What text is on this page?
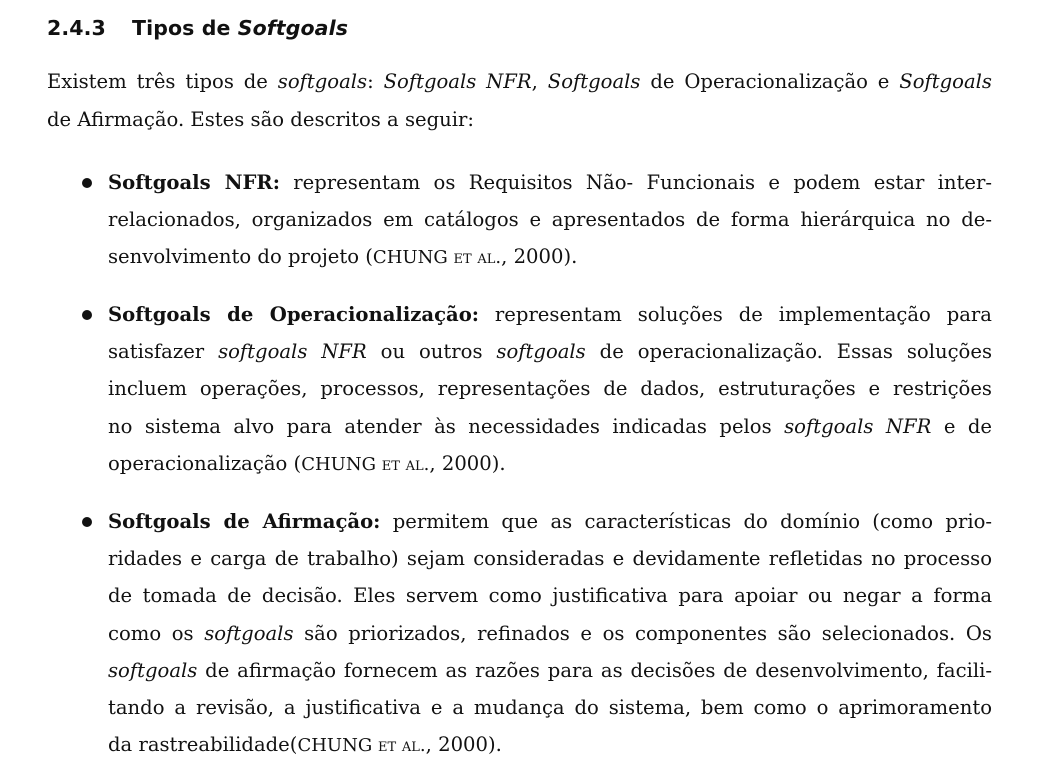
2.4.3 Tipos de Softgoals
Existem três tipos de softgoals: Softgoals NFR, Softgoals de Operacionalização e Softgoals
de Afirmação. Estes são descritos a seguir:
Softgoals NFR: representam os Requisitos Não- Funcionais e podem estar inter-
relacionados, organizados em catálogos e apresentados de forma hierárquica no de-
senvolvimento do projeto (CHUNG et al., 2000).
Softgoals de Operacionalização: representam soluções de implementação para
satisfazer softgoals NFR ou outros softgoals de operacionalização. Essas soluções
incluem operações, processos, representações de dados, estruturações e restrições
no sistema alvo para atender às necessidades indicadas pelos softgoals NFR e de
operacionalização (CHUNG et al., 2000).
Softgoals de Afirmação: permitem que as características do domínio (como prio-
ridades e carga de trabalho) sejam consideradas e devidamente refletidas no processo
de tomada de decisão. Eles servem como justificativa para apoiar ou negar a forma
como os softgoals são priorizados, refinados e os componentes são selecionados. Os
softgoals de afirmação fornecem as razões para as decisões de desenvolvimento, facili-
tando a revisão, a justificativa e a mudança do sistema, bem como o aprimoramento
da rastreabilidade(CHUNG et al., 2000).
